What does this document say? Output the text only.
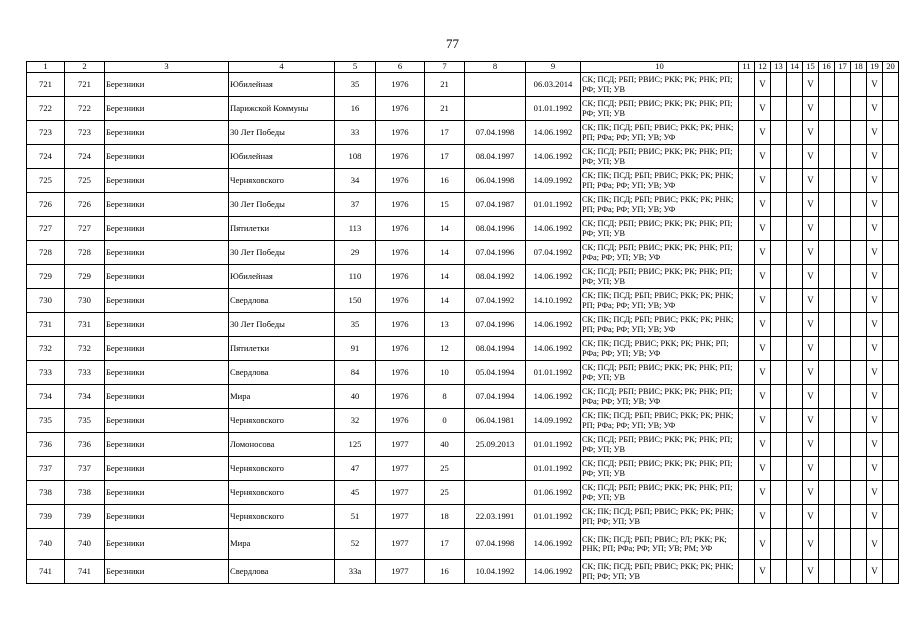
77
1	2	3	4	5	6	7	8	9	10	11	12	13	14	15	16	17	18	19	20
721	721	Березники	Юбилейная	35	1976	21		06.03.2014	СК; ПСД; РБП; РВИС; РКК; РК; РНК; РП; РФ; УП; УВ		V			V				V	
722	722	Березники	Парижской Коммуны	16	1976	21		01.01.1992	СК; ПСД; РБП; РВИС; РКК; РК; РНК; РП; РФ; УП; УВ		V			V				V	
723	723	Березники	30 Лет Победы	33	1976	17	07.04.1998	14.06.1992	СК; ПК; ПСД; РБП; РВИС; РКК; РК; РНК; РП; РФа; РФ; УП; УВ; УФ		V			V				V	
724	724	Березники	Юбилейная	108	1976	17	08.04.1997	14.06.1992	СК; ПСД; РБП; РВИС; РКК; РК; РНК; РП; РФ; УП; УВ		V			V				V	
725	725	Березники	Черняховского	34	1976	16	06.04.1998	14.09.1992	СК; ПК; ПСД; РБП; РВИС; РКК; РК; РНК; РП; РФа; РФ; УП; УВ; УФ		V			V				V	
726	726	Березники	30 Лет Победы	37	1976	15	07.04.1987	01.01.1992	СК; ПК; ПСД; РБП; РВИС; РКК; РК; РНК; РП; РФа; РФ; УП; УВ; УФ		V			V				V	
727	727	Березники	Пятилетки	113	1976	14	08.04.1996	14.06.1992	СК; ПСД; РБП; РВИС; РКК; РК; РНК; РП; РФ; УП; УВ		V			V				V	
728	728	Березники	30 Лет Победы	29	1976	14	07.04.1996	07.04.1992	СК; ПСД; РБП; РВИС; РКК; РК; РНК; РП; РФа; РФ; УП; УВ; УФ		V			V				V	
729	729	Березники	Юбилейная	110	1976	14	08.04.1992	14.06.1992	СК; ПСД; РБП; РВИС; РКК; РК; РНК; РП; РФ; УП; УВ		V			V				V	
730	730	Березники	Свердлова	150	1976	14	07.04.1992	14.10.1992	СК; ПК; ПСД; РБП; РВИС; РКК; РК; РНК; РП; РФа; РФ; УП; УВ; УФ		V			V				V	
731	731	Березники	30 Лет Победы	35	1976	13	07.04.1996	14.06.1992	СК; ПК; ПСД; РБП; РВИС; РКК; РК; РНК; РП; РФа; РФ; УП; УВ; УФ		V			V				V	
732	732	Березники	Пятилетки	91	1976	12	08.04.1994	14.06.1992	СК; ПК; ПСД; РВИС; РКК; РК; РНК; РП; РФа; РФ; УП; УВ; УФ		V			V				V	
733	733	Березники	Свердлова	84	1976	10	05.04.1994	01.01.1992	СК; ПСД; РБП; РВИС; РКК; РК; РНК; РП; РФ; УП; УВ		V			V				V	
734	734	Березники	Мира	40	1976	8	07.04.1994	14.06.1992	СК; ПСД; РБП; РВИС; РКК; РК; РНК; РП; РФа; РФ; УП; УВ; УФ		V			V				V	
735	735	Березники	Черняховского	32	1976	0	06.04.1981	14.09.1992	СК; ПК; ПСД; РБП; РВИС; РКК; РК; РНК; РП; РФа; РФ; УП; УВ; УФ		V			V				V	
736	736	Березники	Ломоносова	125	1977	40	25.09.2013	01.01.1992	СК; ПСД; РБП; РВИС; РКК; РК; РНК; РП; РФ; УП; УВ		V			V				V	
737	737	Березники	Черняховского	47	1977	25		01.01.1992	СК; ПСД; РБП; РВИС; РКК; РК; РНК; РП; РФ; УП; УВ		V			V				V	
738	738	Березники	Черняховского	45	1977	25		01.06.1992	СК; ПСД; РБП; РВИС; РКК; РК; РНК; РП; РФ; УП; УВ		V			V				V	
739	739	Березники	Черняховского	51	1977	18	22.03.1991	01.01.1992	СК; ПК; ПСД; РБП; РВИС; РКК; РК; РНК; РП; РФ; УП; УВ		V			V				V	
740	740	Березники	Мира	52	1977	17	07.04.1998	14.06.1992	СК; ПК; ПСД; РБП; РВИС; РЛ; РКК; РК; РНК; РП; РФа; РФ; УП; УВ; РМ; УФ		V			V				V	
741	741	Березники	Свердлова	33а	1977	16	10.04.1992	14.06.1992	СК; ПК; ПСД; РБП; РВИС; РКК; РК; РНК; РП; РФ; УП; УВ		V			V				V	
